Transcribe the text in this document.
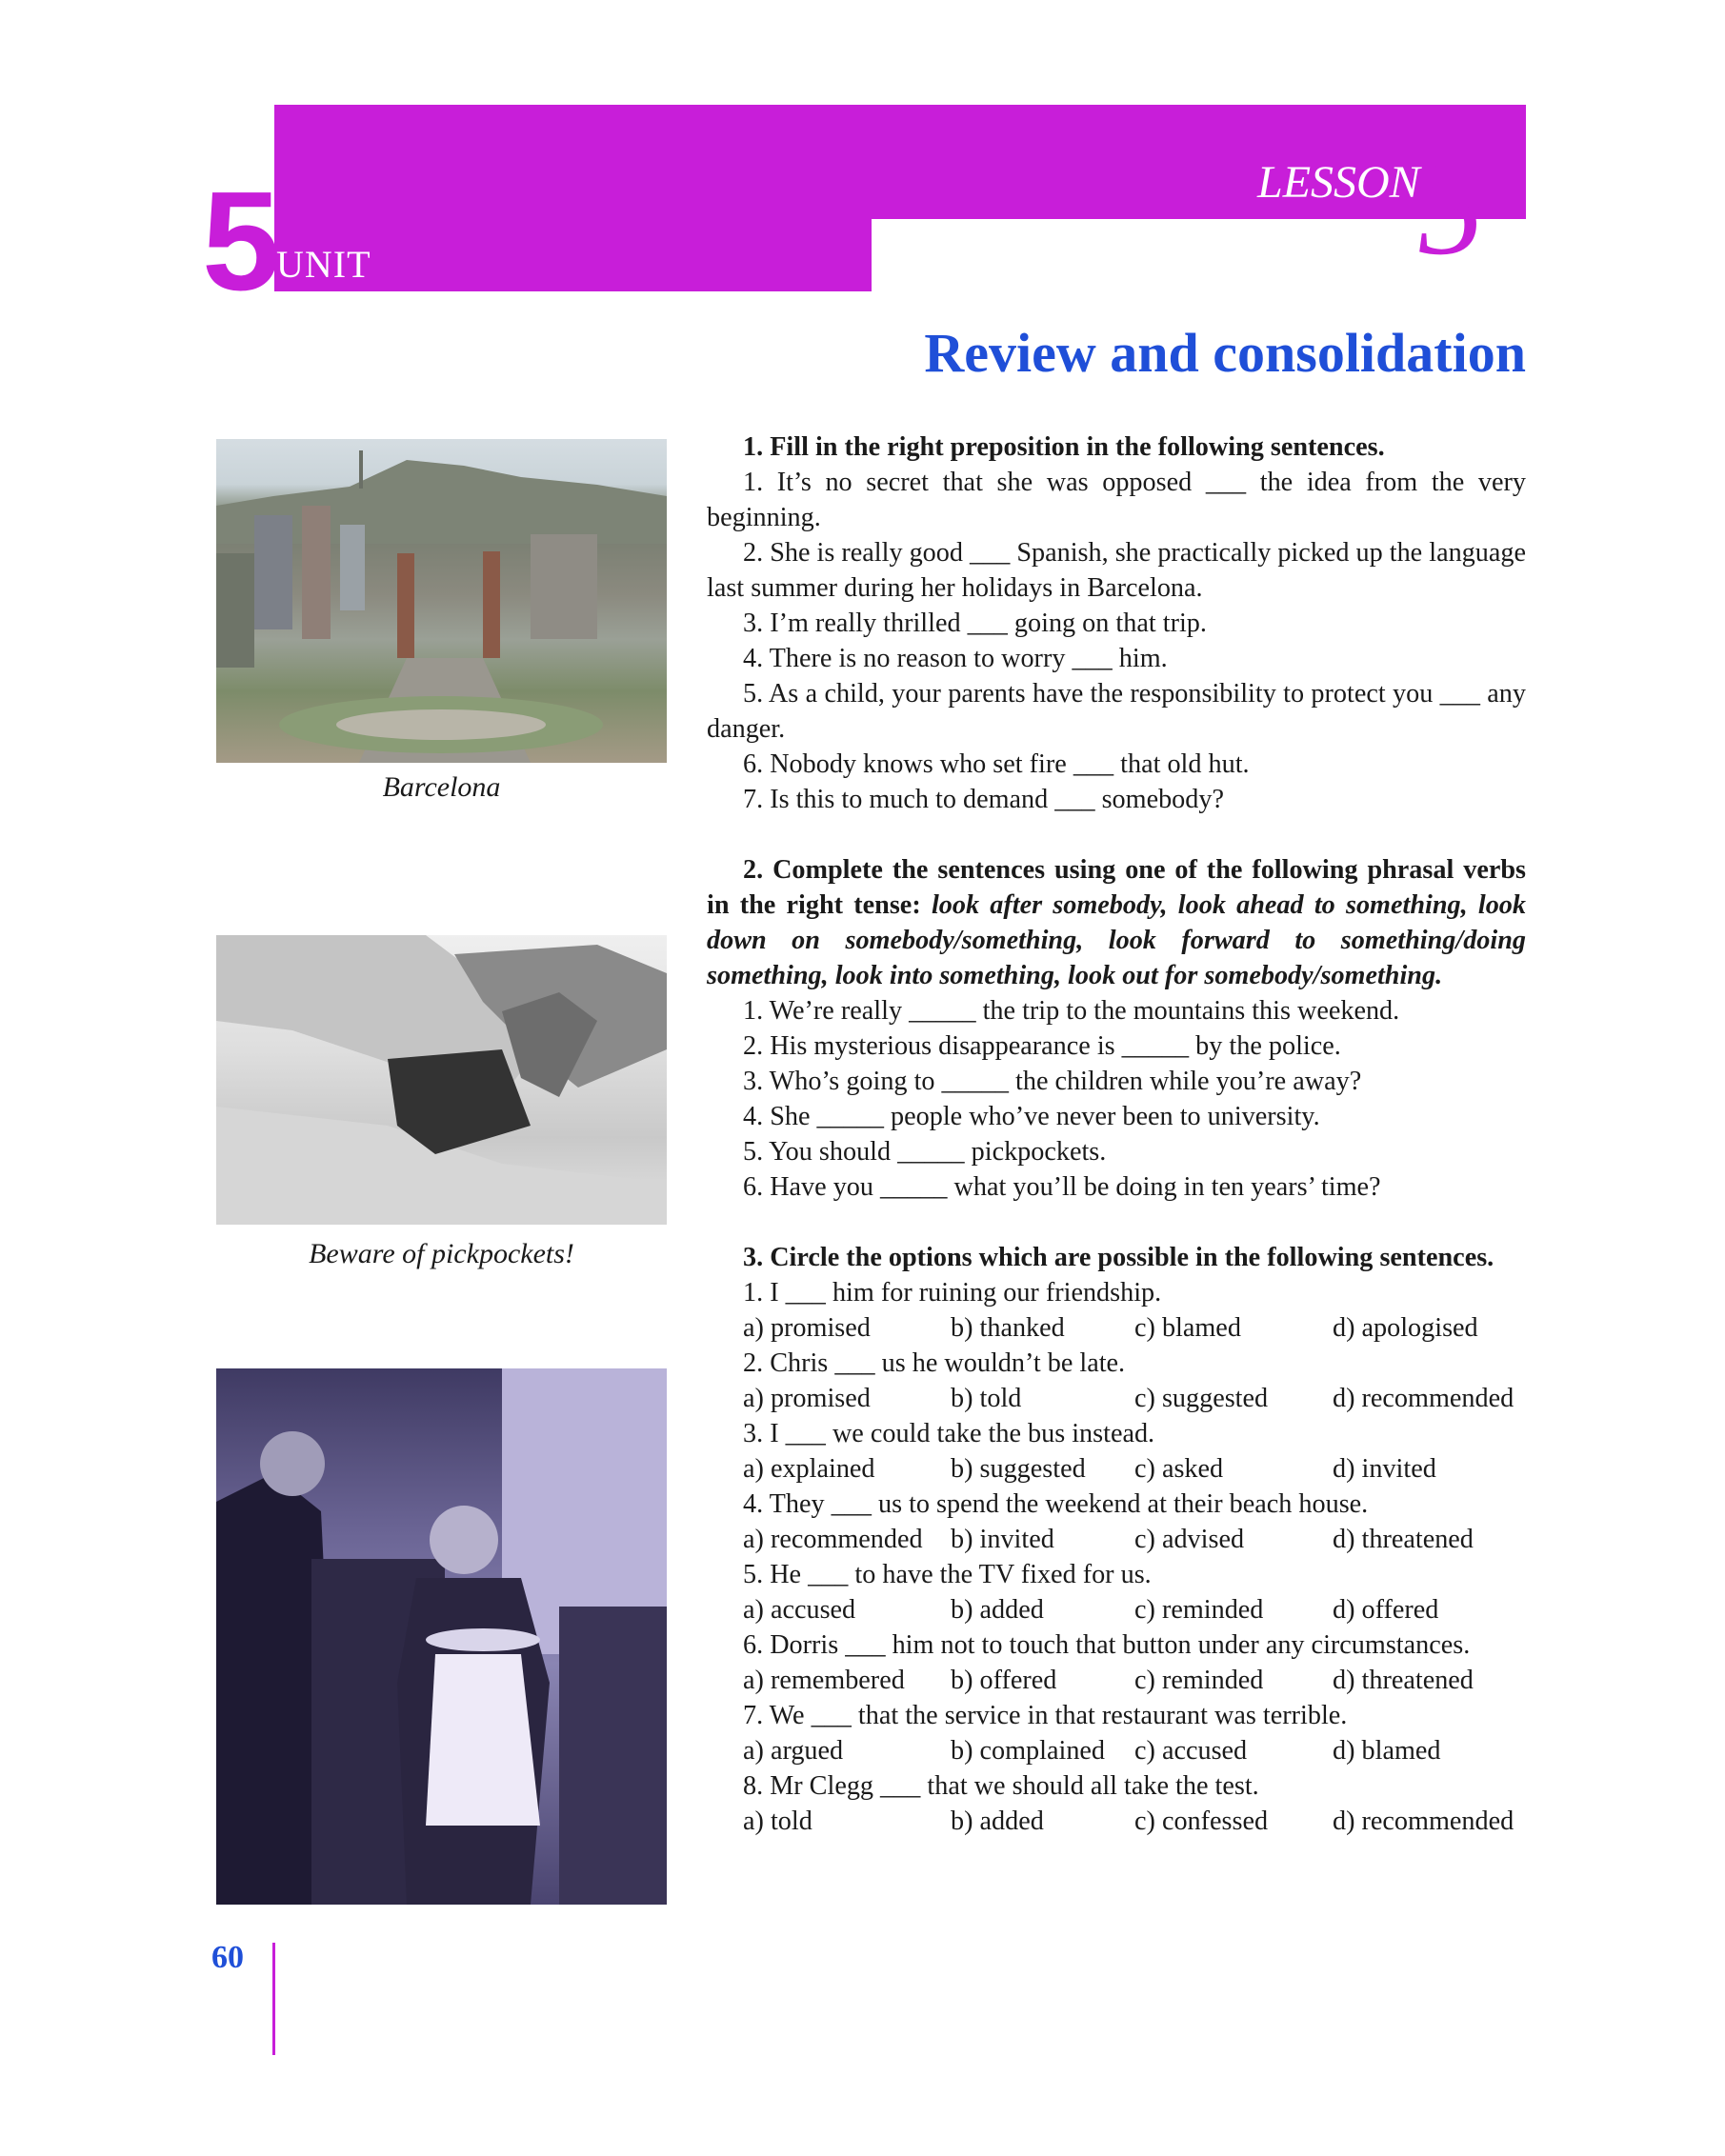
5
UNIT
LESSON
5
Review and consolidation
Barcelona
Beware of pickpockets!

1. Fill in the right preposition in the following sentences.

1. It’s no secret that she was opposed ___ the idea from the very beginning.

2. She is really good ___ Spanish, she practically picked up the language last summer during her holidays in Barcelona.

3. I’m really thrilled ___ going on that trip.

4. There is no reason to worry ___ him.

5. As a child, your parents have the responsibility to protect you ___ any danger.

6. Nobody knows who set fire ___ that old hut.

7. Is this to much to demand ___ somebody?

2. Complete the sentences using one of the following phrasal verbs in the right tense: look after somebody, look ahead to something, look down on somebody/something, look forward to something/doing something, look into something, look out for somebody/something.

1. We’re really _____ the trip to the mountains this weekend.

2. His mysterious disappearance is _____ by the police.

3. Who’s going to _____ the children while you’re away?

4. She _____ people who’ve never been to university.

5. You should _____ pickpockets.

6. Have you _____ what you’ll be doing in ten years’ time?

3. Circle the options which are possible in the following sentences.

1. I ___ him for ruining our friendship.

a) promised	b) thanked	c) blamed	d) apologised

2. Chris ___ us he wouldn’t be late.

a) promised	b) told	c) suggested	d) recommended

3. I ___ we could take the bus instead.

a) explained	b) suggested	c) asked	d) invited

4. They ___ us to spend the weekend at their beach house.

a) recommended	b) invited	c) advised	d) threatened

5. He ___ to have the TV fixed for us.

a) accused	b) added	c) reminded	d) offered

6. Dorris ___ him not to touch that button under any circumstances.

a) remembered	b) offered	c) reminded	d) threatened

7. We ___ that the service in that restaurant was terrible.

a) argued	b) complained	c) accused	d) blamed

8. Mr Clegg ___ that we should all take the test.

a) told	b) added	c) confessed	d) recommended
60
